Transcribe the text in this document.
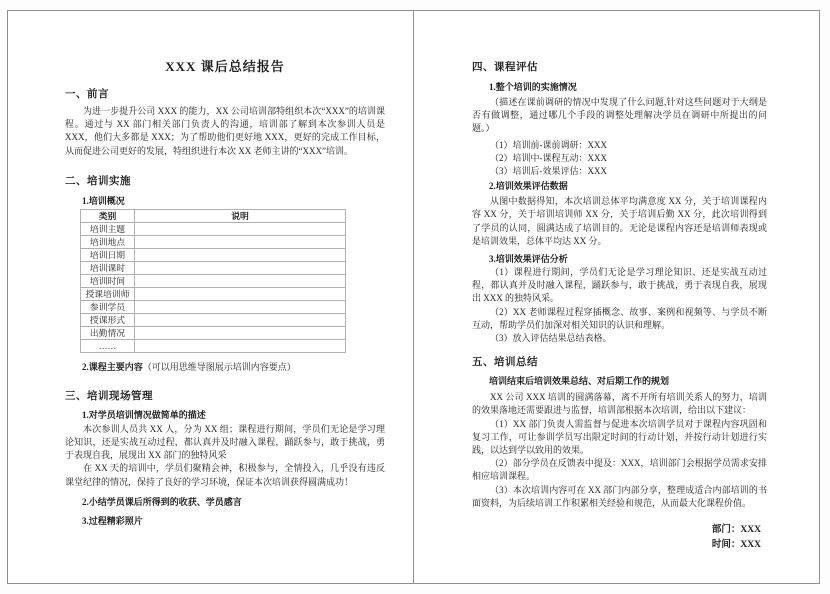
XXX 课后总结报告
一、前言

为进一步提升公司 XXX 的能力，XX 公司培训部特组织本次“XXX”的培训课程。通过与 XX 部门相关部门负责人的沟通，培训部了解到本次参训人员是 XXX，他们大多都是 XXX；为了帮助他们更好地 XXX，更好的完成工作目标，从而促进公司更好的发展，特组织进行本次 XX 老师主讲的“XXX”培训。

二、培训实施
1.培训概况
类别	说明
培训主题	
培训地点	
培训日期	
培训课时	
培训时间	
授课培训师	
参训学员	
授课形式	
出勤情况	
……	
2.课程主要内容（可以用思维导图展示培训内容要点）
三、培训现场管理
1.对学员培训情况做简单的描述

本次参训人员共 XX 人，分为 XX 组；课程进行期间，学员们无论是学习理论知识，还是实战互动过程，都认真并及时融入课程，踊跃参与，敢于挑战，勇于表现自我，展现出 XX 部门的独特风采

在 XX 天的培训中，学员们聚精会神，积极参与，全情投入，几乎没有违反课堂纪律的情况，保持了良好的学习环境，保证本次培训获得圆满成功！

2.小结学员课后所得到的收获、学员感言
3.过程精彩照片
四、课程评估
1.整个培训的实施情况

（描述在课前调研的情况中发现了什么问题,针对这些问题对于大纲是否有做调整，通过哪几个手段的调整处理解决学员在调研中所提出的问题。）

（1）培训前-课前调研：XXX

（2）培训中-课程互动：XXX

（3）培训后-效果评估：XXX

2.培训效果评估数据

从图中数据得知，本次培训总体平均满意度 XX 分，关于培训课程内容 XX 分，关于培训培训师 XX 分，关于培训后勤 XX 分，此次培训得到了学员的认同，圆满达成了培训目的。无论是课程内容还是培训师表现或是培训效果，总体平均达 XX 分。

3.培训效果评估分析

（1）课程进行期间，学员们无论是学习理论知识、还是实战互动过程，都认真并及时融入课程，踊跃参与，敢于挑战，勇于表现自我，展现出 XXX 的独特风采。

（2）XX 老师课程过程穿插概念、故事、案例和视频等、与学员不断互动，帮助学员们加深对相关知识的认识和理解。

（3）放入评估结果总结表格。

五、培训总结
培训结束后培训效果总结、对后期工作的规划

XX 公司 XXX 培训的圆满落幕，离不开所有培训关系人的努力，培训的效果落地还需要跟进与监督，培训部根据本次培训，给出以下建议：

（1）XX 部门负责人需监督与促进本次培训学员对于课程内容巩固和复习工作，可让参训学员写出限定时间的行动计划，并按行动计划进行实践，以达到学以致用的效果。

（2）部分学员在反馈表中提及：XXX，培训部门会根据学员需求安排相应培训课程。

（3）本次培训内容可在 XX 部门内部分享，整理成适合内部培训的书面资料，为后续培训工作积累相关经验和规范，从而最大化课程价值。

部门：XXX
时间：XXX
